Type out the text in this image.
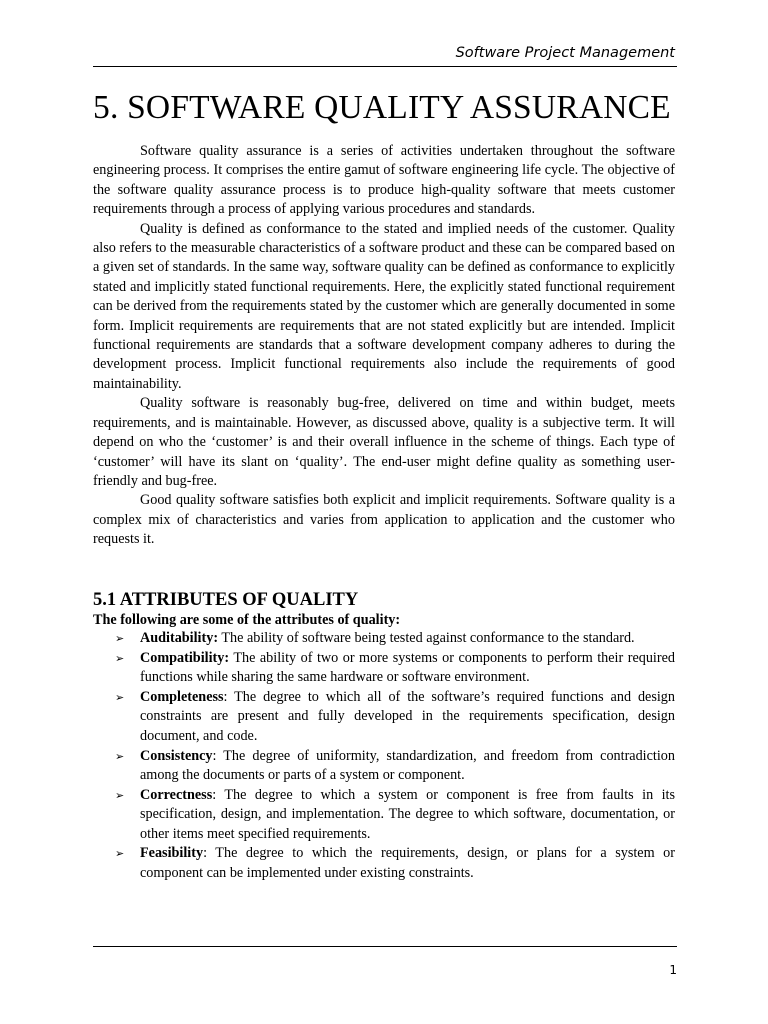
Software Project Management
5. SOFTWARE QUALITY ASSURANCE

Software quality assurance is a series of activities undertaken throughout the software engineering process. It comprises the entire gamut of software engineering life cycle. The objective of the software quality assurance process is to produce high-quality software that meets customer requirements through a process of applying various procedures and standards.

Quality is defined as conformance to the stated and implied needs of the customer. Quality also refers to the measurable characteristics of a software product and these can be compared based on a given set of standards. In the same way, software quality can be defined as conformance to explicitly stated and implicitly stated functional requirements. Here, the explicitly stated functional requirement can be derived from the requirements stated by the customer which are generally documented in some form. Implicit requirements are requirements that are not stated explicitly but are intended. Implicit functional requirements are standards that a software development company adheres to during the development process. Implicit functional requirements also include the requirements of good maintainability.

Quality software is reasonably bug-free, delivered on time and within budget, meets requirements, and is maintainable. However, as discussed above, quality is a subjective term. It will depend on who the ‘customer’ is and their overall influence in the scheme of things. Each type of ‘customer’ will have its slant on ‘quality’. The end-user might define quality as something user-friendly and bug-free.

Good quality software satisfies both explicit and implicit requirements. Software quality is a complex mix of characteristics and varies from application to application and the customer who requests it.

5.1 ATTRIBUTES OF QUALITY

The following are some of the attributes of quality:

➢ Auditability: The ability of software being tested against conformance to the standard.
➢ Compatibility: The ability of two or more systems or components to perform their required functions while sharing the same hardware or software environment.
➢ Completeness: The degree to which all of the software’s required functions and design constraints are present and fully developed in the requirements specification, design document, and code.
➢ Consistency: The degree of uniformity, standardization, and freedom from contradiction among the documents or parts of a system or component.
➢ Correctness: The degree to which a system or component is free from faults in its specification, design, and implementation. The degree to which software, documentation, or other items meet specified requirements.
➢ Feasibility: The degree to which the requirements, design, or plans for a system or component can be implemented under existing constraints.
1
